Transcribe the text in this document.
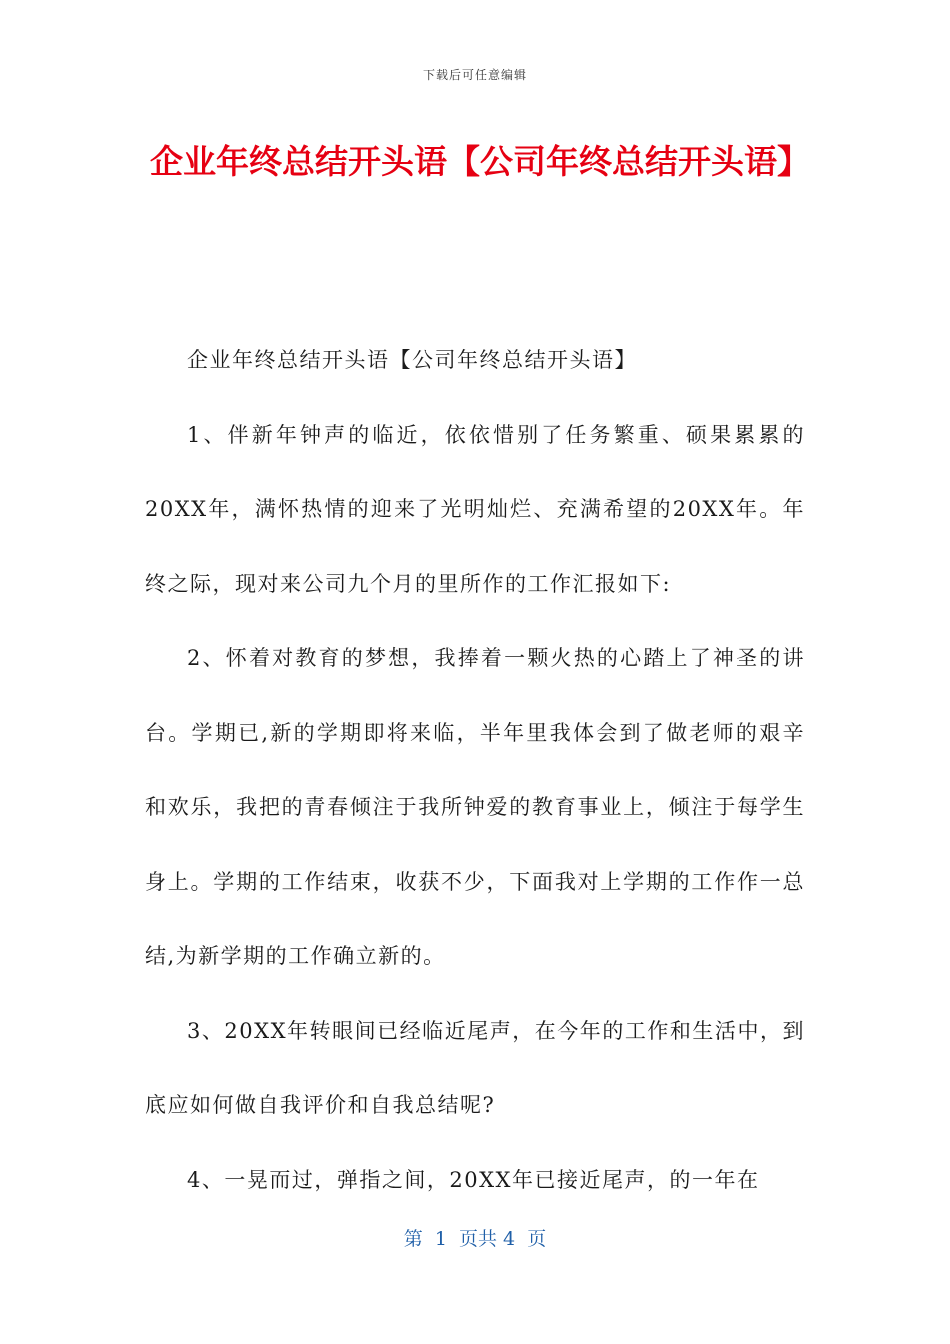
下载后可任意编辑
企业年终总结开头语【公司年终总结开头语】

企业年终总结开头语【公司年终总结开头语】

1、伴新年钟声的临近，依依惜别了任务繁重、硕果累累的20XX年，满怀热情的迎来了光明灿烂、充满希望的20XX年。年终之际，现对来公司九个月的里所作的工作汇报如下:

2、怀着对教育的梦想，我捧着一颗火热的心踏上了神圣的讲台。学期已,新的学期即将来临，半年里我体会到了做老师的艰辛和欢乐，我把的青春倾注于我所钟爱的教育事业上，倾注于每学生身上。学期的工作结束，收获不少，下面我对上学期的工作作一总结,为新学期的工作确立新的。

3、20XX年转眼间已经临近尾声，在今年的工作和生活中，到底应如何做自我评价和自我总结呢?

4、一晃而过，弹指之间，20XX年已接近尾声，的一年在

第  1  页共 4  页
